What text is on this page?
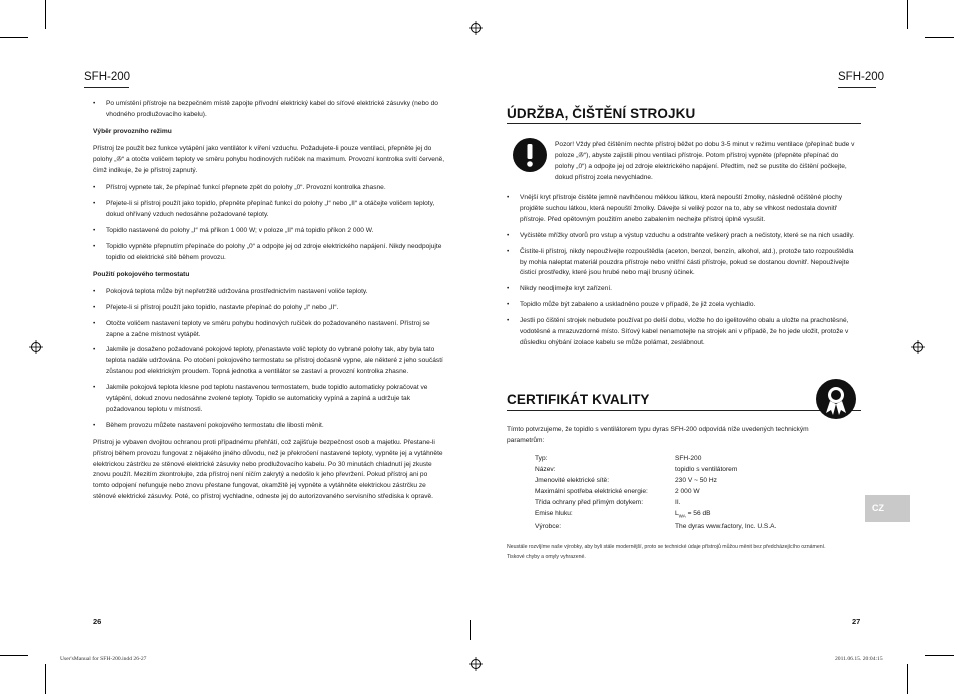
SFH-200	SFH-200
• Po umístění přístroje na bezpečném místě zapojte přívodní elektrický kabel do síťové elektrické zásuvky (nebo do vhodného prodlužovacího kabelu).
Výběr provozního režimu

Přístroj lze použít bez funkce vytápění jako ventilátor k víření vzduchu. Požadujete-li pouze ventilaci, přepněte jej do polohy „✇“ a otočte voličem teploty ve směru pohybu hodinových ručiček na maximum. Provozní kontrolka svítí červeně, čímž indikuje, že je přístroj zapnutý.

• Přístroj vypnete tak, že přepínač funkcí přepnete zpět do polohy „0“. Provozní kontrolka zhasne.
• Přejete-li si přístroj použít jako topidlo, přepněte přepínač funkcí do polohy „I“ nebo „II“ a otáčejte voličem teploty, dokud ohřívaný vzduch nedosáhne požadované teploty.
• Topidlo nastavené do polohy „I“ má příkon 1 000 W; v poloze „II“ má topidlo příkon 2 000 W.
• Topidlo vypněte přepnutím přepínače do polohy „0“ a odpojte jej od zdroje elektrického napájení. Nikdy neodpojujte topidlo od elektrické sítě během provozu.
Použití pokojového termostatu
• Pokojová teplota může být nepřetržitě udržována prostřednictvím nastavení voliče teploty.
• Přejete-li si přístroj použít jako topidlo, nastavte přepínač do polohy „I“ nebo „II“.
• Otočte voličem nastavení teploty ve směru pohybu hodinových ručiček do požadovaného nastavení. Přístroj se zapne a začne místnost vytápět.
• Jakmile je dosaženo požadované pokojové teploty, přenastavte volič teploty do vybrané polohy tak, aby byla tato teplota nadále udržována. Po otočení pokojového termostatu se přístroj dočasně vypne, ale některé z jeho součástí zůstanou pod elektrickým proudem. Topná jednotka a ventilátor se zastaví a provozní kontrolka zhasne.
• Jakmile pokojová teplota klesne pod teplotu nastavenou termostatem, bude topidlo automaticky pokračovat ve vytápění, dokud znovu nedosáhne zvolené teploty. Topidlo se automaticky vypíná a zapíná a udržuje tak požadovanou teplotu v místnosti.
• Během provozu můžete nastavení pokojového termostatu dle libosti měnit.

Přístroj je vybaven dvojitou ochranou proti případnému přehřátí, což zajišťuje bezpečnost osob a majetku. Přestane-li přístroj během provozu fungovat z nějakého jiného důvodu, než je překročení nastavené teploty, vypněte jej a vytáhněte elektrickou zástrčku ze stěnové elektrické zásuvky nebo prodlužovacího kabelu. Po 30 minutách chladnutí jej zkuste znovu použít. Mezitím zkontrolujte, zda přístroj není ničím zakrytý a nedošlo k jeho převržení. Pokud přístroj ani po tomto odpojení nefunguje nebo znovu přestane fungovat, okamžitě jej vypněte a vytáhněte elektrickou zástrčku ze stěnové elektrické zásuvky. Poté, co přístroj vychladne, odneste jej do autorizovaného servisního střediska k opravě.

26
ÚDRŽBA, ČIŠTĚNÍ STROJKU
Pozor! Vždy před čištěním nechte přístroj běžet po dobu 3-5 minut v režimu ventilace (přepínač bude v poloze „✇“), abyste zajistili plnou ventilaci přístroje. Potom přístroj vypněte (přepněte přepínač do polohy „0“) a odpojte jej od zdroje elektrického napájení. Předtím, než se pustíte do čištění počkejte, dokud přístroj zcela nevychladne.
• Vnější kryt přístroje čistěte jemně navlhčenou měkkou látkou, která nepouští žmolky, následně očištěné plochy projděte suchou látkou, která nepouští žmolky. Dávejte si veliký pozor na to, aby se vlhkost nedostala dovnitř přístroje. Před opětovným použitím anebo zabalením nechejte přístroj úplně vysušit.
• Vyčistěte mřížky otvorů pro vstup a výstup vzduchu a odstraňte veškerý prach a nečistoty, které se na nich usadily.
• Čistíte-li přístroj, nikdy nepoužívejte rozpouštědla (aceton, benzol, benzín, alkohol, atd.), protože tato rozpouštědla by mohla naleptat materiál pouzdra přístroje nebo vnitřní části přístroje, pokud se dostanou dovnitř. Nepoužívejte čisticí prostředky, které jsou hrubé nebo mají brusný účinek.
• Nikdy neodjímejte kryt zařízení.
• Topidlo může být zabaleno a uskladněno pouze v případě, že již zcela vychladlo.
• Jestli po čištění strojek nebudete používat po delší dobu, vložte ho do igelitového obalu a uložte na prachotěsné, vodotěsné a mrazuvzdorné místo. Síťový kabel nenamotejte na strojek ani v případě, že ho jede uložit, protože v důsledku ohýbání izolace kabelu se může polámat, zeslábnout.
CERTIFIKÁT KVALITY
Tímto potvrzujeme, že topidlo s ventilátorem typu dyras SFH-200 odpovídá níže uvedených technickým parametrům:
Typ:	SFH-200
Název:	topidlo s ventilátorem
Jmenovité elektrické sítě:	230 V ~ 50 Hz
Maximální spotřeba elektrické energie:	2 000 W
Třída ochrany před přímým dotykem:	II.
Emise hluku:	$L_{WA} = 56$ dB
Výrobce:	The dyras www.factory, Inc. U.S.A.
Neustále rozvíjíme naše výrobky, aby byli stále modernější, proto se technické údaje přístrojů můžou měnit bez předcházejícího oznámení.
Tiskové chyby a omyly vyhrazené.
CZ
27
User'sManual for SFH-200.indd 26-27	2011.06.15. 20:04:15
